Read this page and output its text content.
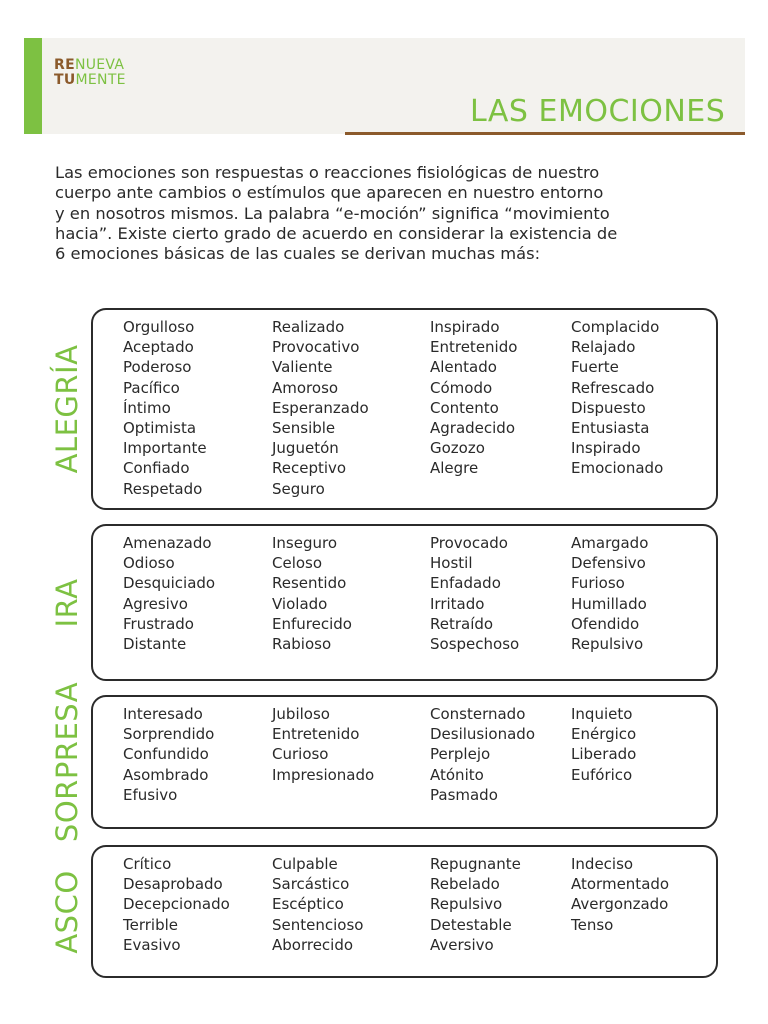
RENUEVA
TUMENTE
LAS EMOCIONES
Las emociones son respuestas o reacciones fisiológicas de nuestro
cuerpo ante cambios o estímulos que aparecen en nuestro entorno
y en nosotros mismos. La palabra “e-moción” significa “movimiento
hacia”. Existe cierto grado de acuerdo en considerar la existencia de
6 emociones básicas de las cuales se derivan muchas más:
ALEGRÍA
Orgulloso
Aceptado
Poderoso
Pacífico
Íntimo
Optimista
Importante
Confiado
Respetado
Realizado
Provocativo
Valiente
Amoroso
Esperanzado
Sensible
Juguetón
Receptivo
Seguro
Inspirado
Entretenido
Alentado
Cómodo
Contento
Agradecido
Gozozo
Alegre
Complacido
Relajado
Fuerte
Refrescado
Dispuesto
Entusiasta
Inspirado
Emocionado
IRA
Amenazado
Odioso
Desquiciado
Agresivo
Frustrado
Distante
Inseguro
Celoso
Resentido
Violado
Enfurecido
Rabioso
Provocado
Hostil
Enfadado
Irritado
Retraído
Sospechoso
Amargado
Defensivo
Furioso
Humillado
Ofendido
Repulsivo
SORPRESA	Interesado
Sorprendido
Confundido
Asombrado
Efusivo
Jubiloso
Entretenido
Curioso
Impresionado
Consternado
Desilusionado
Perplejo
Atónito
Pasmado
Inquieto
Enérgico
Liberado
Eufórico
ASCO
Crítico
Desaprobado
Decepcionado
Terrible
Evasivo
Culpable
Sarcástico
Escéptico
Sentencioso
Aborrecido
Repugnante
Rebelado
Repulsivo
Detestable
Aversivo
Indeciso
Atormentado
Avergonzado
Tenso
